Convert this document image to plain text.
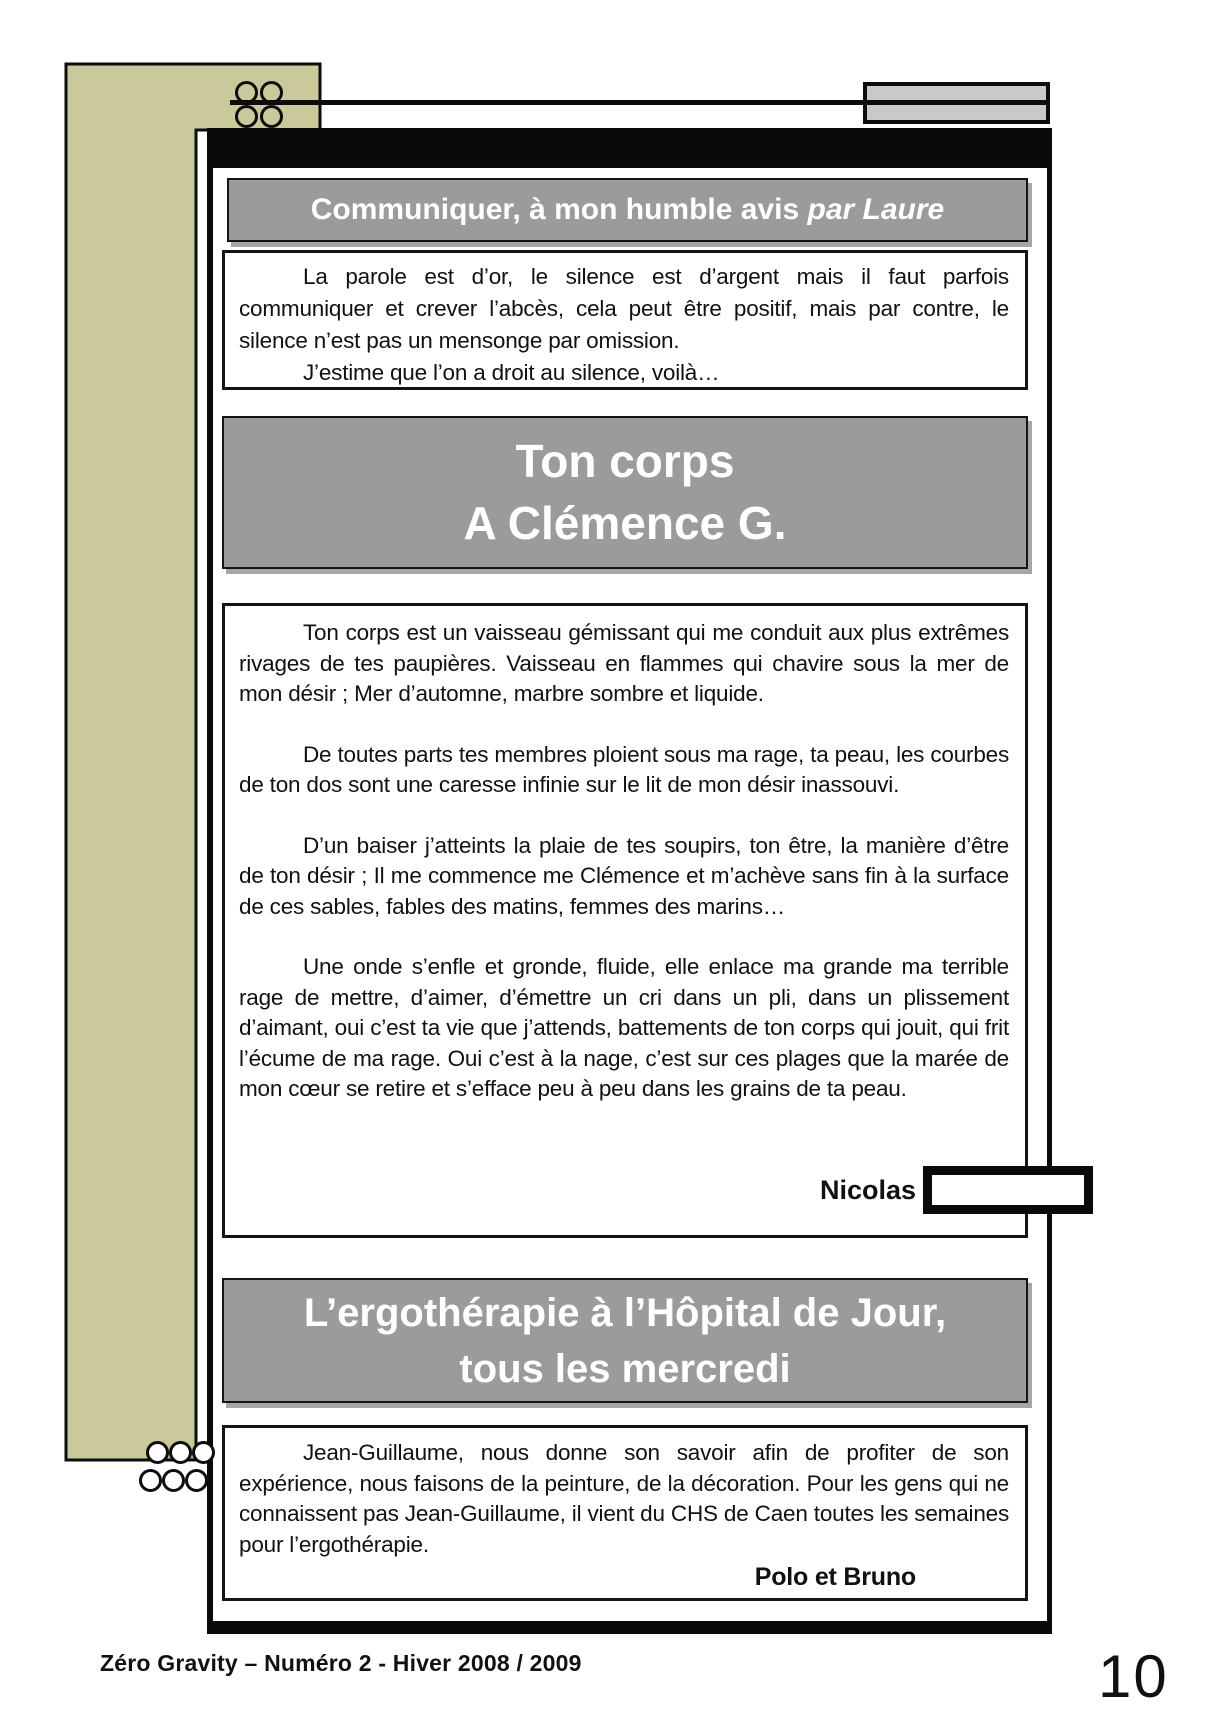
Communiquer, à mon humble avis par Laure

La parole est d’or, le silence est d’argent mais il faut parfois communiquer et crever l’abcès, cela peut être positif, mais par contre, le silence n’est pas un mensonge par omission.

J’estime que l’on a droit au silence, voilà…

Ton corps
A Clémence G.

Ton corps est un vaisseau gémissant qui me conduit aux plus extrêmes rivages de tes paupières. Vaisseau en flammes qui chavire sous la mer de mon désir ; Mer d’automne, marbre sombre et liquide.

De toutes parts tes membres ploient sous ma rage, ta peau, les courbes de ton dos sont une caresse infinie sur le lit de mon désir inassouvi.

D’un baiser j’atteints la plaie de tes soupirs, ton être, la manière d’être de ton désir ; Il me commence me Clémence et m’achève sans fin à la surface de ces sables, fables des matins, femmes des marins…

Une onde s’enfle et gronde, fluide, elle enlace ma grande ma terrible rage de mettre, d’aimer, d’émettre un cri dans un pli, dans un plissement d’aimant, oui c’est ta vie que j’attends, battements de ton corps qui jouit, qui frit l’écume de ma rage. Oui c’est à la nage, c’est sur ces plages que la marée de mon cœur se retire et s’efface peu à peu dans les grains de ta peau.

Nicolas
L’ergothérapie à l’Hôpital de Jour,
tous les mercredi

Jean-Guillaume, nous donne son savoir afin de profiter de son expérience, nous faisons de la peinture, de la décoration. Pour les gens qui ne connaissent pas Jean-Guillaume, il vient du CHS de Caen toutes les semaines pour l’ergothérapie.

Polo et Bruno

Zéro Gravity – Numéro 2 - Hiver 2008 / 2009	10
